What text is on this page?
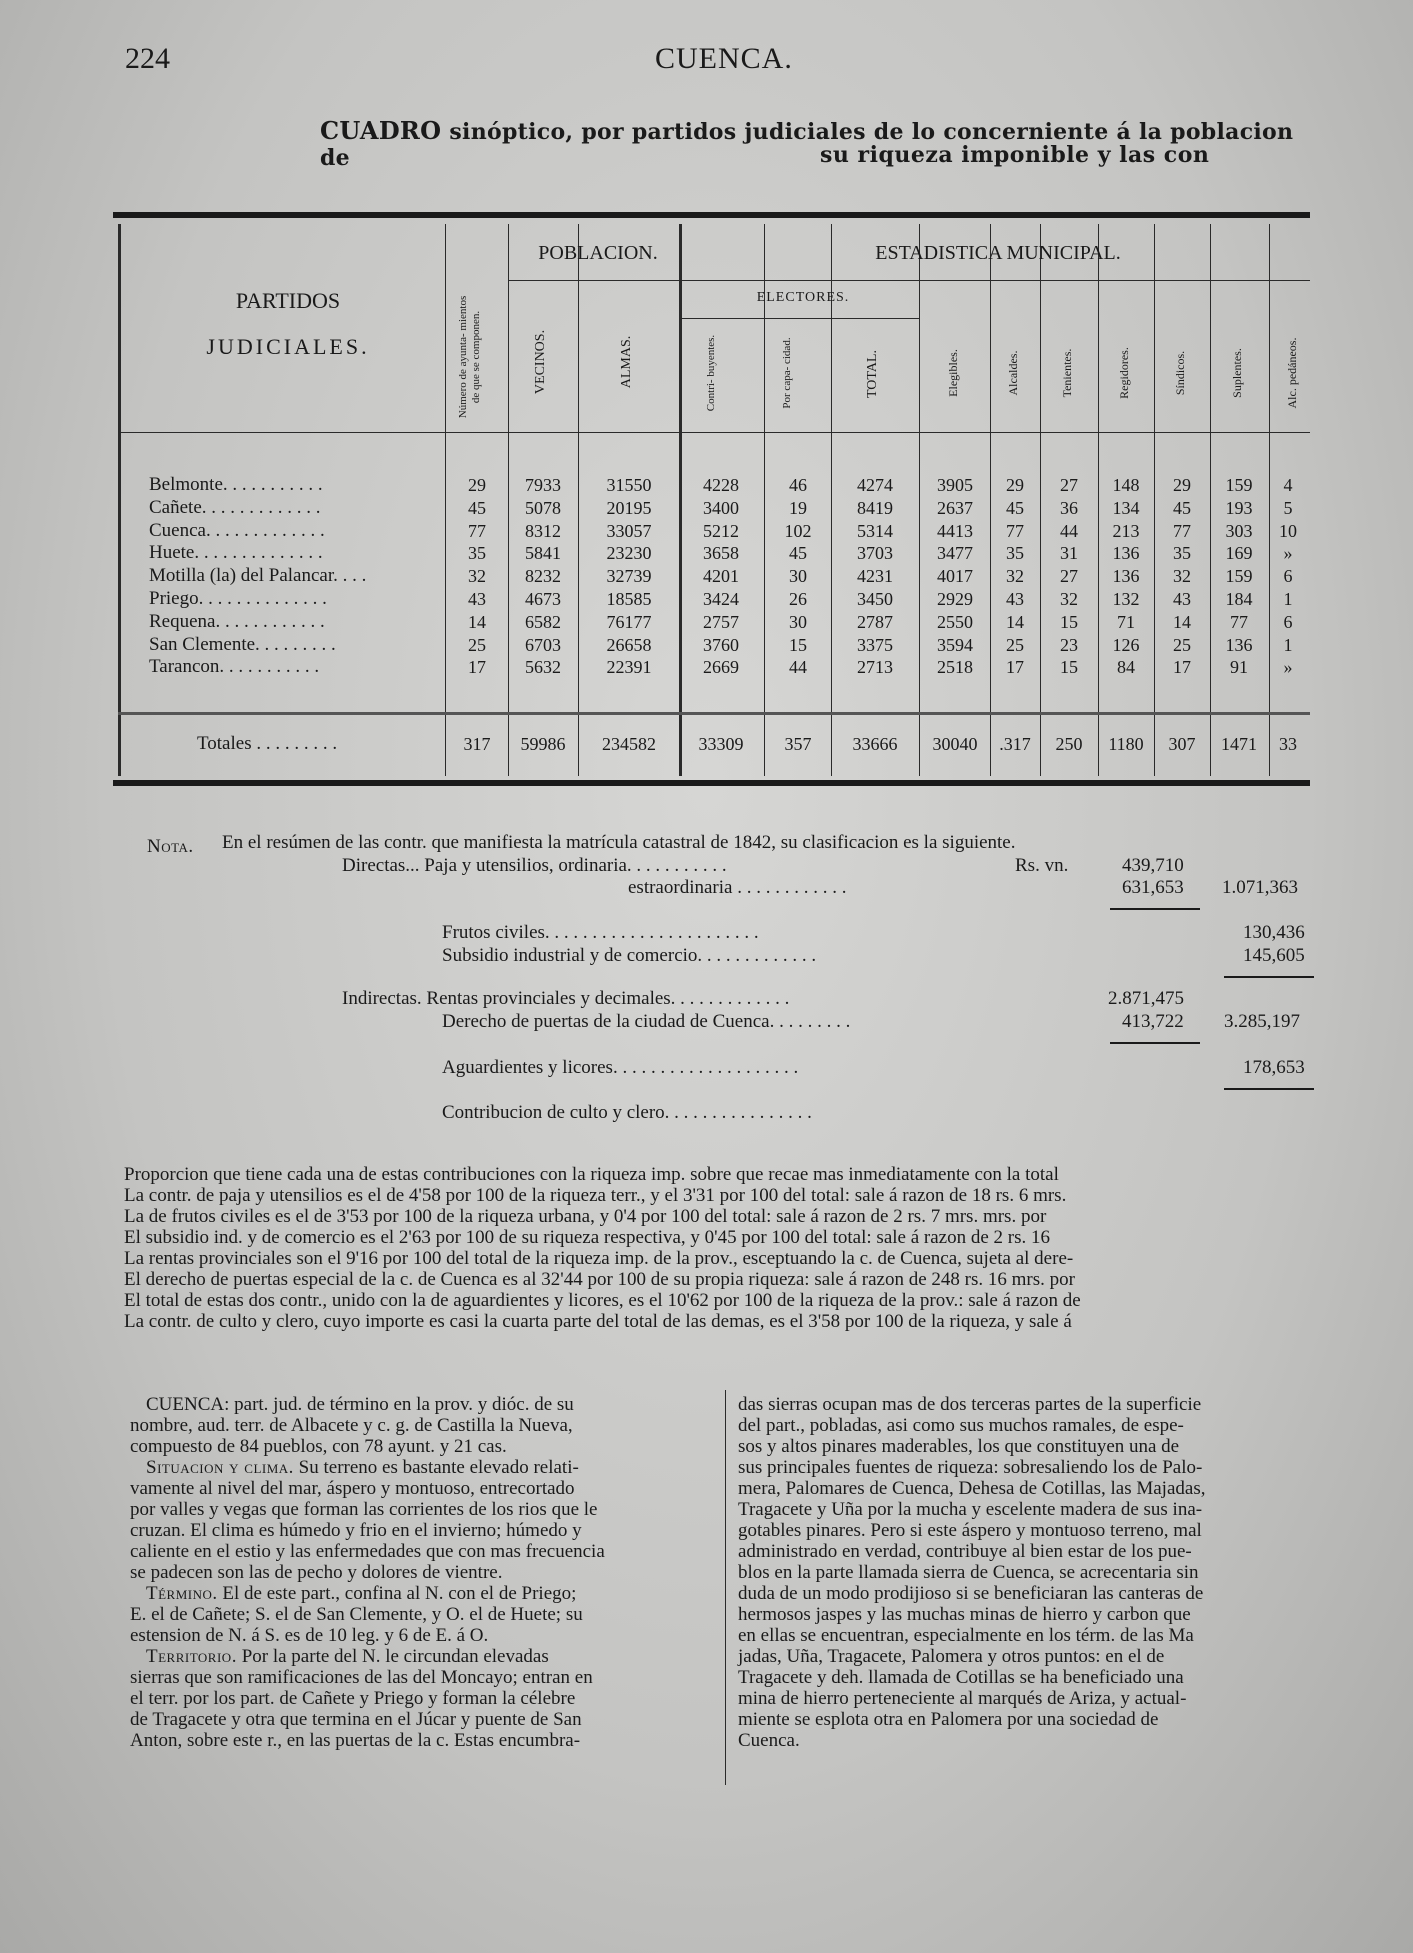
224	CUENCA.
CUADRO sinóptico, por partidos judiciales de lo concerniente á la poblacion de	su riqueza imponible y las con
PARTIDOS
JUDICIALES.	Número de ayunta- mientos de que se componen.
POBLACION.
VECINOS.	ALMAS.
ESTADISTICA MUNICIPAL.
ELECTORES.
Contri- buyentes.	Por capa- cidad.	TOTAL.	Elegibles.	Alcaldes.	Tenientes.	Regidores.	Síndicos.	Suplentes.	Alc. pedáneos.
Belmonte. . . . . . . . . . .	29	7933	31550	4228	46	4274	3905	29	27	148	29	159	4
Cañete. . . . . . . . . . . . .	45	5078	20195	3400	19	8419	2637	45	36	134	45	193	5
Cuenca. . . . . . . . . . . . .	77	8312	33057	5212	102	5314	4413	77	44	213	77	303	10
Huete. . . . . . . . . . . . . .	35	5841	23230	3658	45	3703	3477	35	31	136	35	169	»
Motilla (la) del Palancar. . . .	32	8232	32739	4201	30	4231	4017	32	27	136	32	159	6
Priego. . . . . . . . . . . . . .	43	4673	18585	3424	26	3450	2929	43	32	132	43	184	1
Requena. . . . . . . . . . . .	14	6582	76177	2757	30	2787	2550	14	15	71	14	77	6
San Clemente. . . . . . . . .	25	6703	26658	3760	15	3375	3594	25	23	126	25	136	1
Tarancon. . . . . . . . . . .	17	5632	22391	2669	44	2713	2518	17	15	84	17	91	»
Totales . . . . . . . . .	317	59986	234582	33309	357	33666	30040	.317	250	1180	307	1471	33
Nota. En el resúmen de las contr. que manifiesta la matrícula catastral de 1842, su clasificacion es la siguiente.
Directas... Paja y utensilios, ordinaria. . . . . . . . . . .	Rs. vn.	439,710
estraordinaria . . . . . . . . . . . .	631,653 1.071,363
Frutos civiles. . . . . . . . . . . . . . . . . . . . . . .	130,436
Subsidio industrial y de comercio. . . . . . . . . . . . .	145,605
Indirectas. Rentas provinciales y decimales. . . . . . . . . . . . .	2.871,475
Derecho de puertas de la ciudad de Cuenca. . . . . . . . .	413,722 3.285,197
Aguardientes y licores. . . . . . . . . . . . . . . . . . . .	178,653
Contribucion de culto y clero. . . . . . . . . . . . . . . .
Proporcion que tiene cada una de estas contribuciones con la riqueza imp. sobre que recae mas inmediatamente con la total
La contr. de paja y utensilios es el de 4'58 por 100 de la riqueza terr., y el 3'31 por 100 del total: sale á razon de 18 rs. 6 mrs.
La de frutos civiles es el de 3'53 por 100 de la riqueza urbana, y 0'4 por 100 del total: sale á razon de 2 rs. 7 mrs. mrs. por
El subsidio ind. y de comercio es el 2'63 por 100 de su riqueza respectiva, y 0'45 por 100 del total: sale á razon de 2 rs. 16
La rentas provinciales son el 9'16 por 100 del total de la riqueza imp. de la prov., esceptuando la c. de Cuenca, sujeta al dere-
El derecho de puertas especial de la c. de Cuenca es al 32'44 por 100 de su propia riqueza: sale á razon de 248 rs. 16 mrs. por
El total de estas dos contr., unido con la de aguardientes y licores, es el 10'62 por 100 de la riqueza de la prov.: sale á razon de
La contr. de culto y clero, cuyo importe es casi la cuarta parte del total de las demas, es el 3'58 por 100 de la riqueza, y sale á
CUENCA: part. jud. de término en la prov. y dióc. de su
nombre, aud. terr. de Albacete y c. g. de Castilla la Nueva,
compuesto de 84 pueblos, con 78 ayunt. y 21 cas.
Situacion y clima. Su terreno es bastante elevado relati-
vamente al nivel del mar, áspero y montuoso, entrecortado
por valles y vegas que forman las corrientes de los rios que le
cruzan. El clima es húmedo y frio en el invierno; húmedo y
caliente en el estio y las enfermedades que con mas frecuencia
se padecen son las de pecho y dolores de vientre.
Término. El de este part., confina al N. con el de Priego;
E. el de Cañete; S. el de San Clemente, y O. el de Huete; su
estension de N. á S. es de 10 leg. y 6 de E. á O.
Territorio. Por la parte del N. le circundan elevadas
sierras que son ramificaciones de las del Moncayo; entran en
el terr. por los part. de Cañete y Priego y forman la célebre
de Tragacete y otra que termina en el Júcar y puente de San
Anton, sobre este r., en las puertas de la c. Estas encumbra-
das sierras ocupan mas de dos terceras partes de la superficie
del part., pobladas, asi como sus muchos ramales, de espe-
sos y altos pinares maderables, los que constituyen una de
sus principales fuentes de riqueza: sobresaliendo los de Palo-
mera, Palomares de Cuenca, Dehesa de Cotillas, las Majadas,
Tragacete y Uña por la mucha y escelente madera de sus ina-
gotables pinares. Pero si este áspero y montuoso terreno, mal
administrado en verdad, contribuye al bien estar de los pue-
blos en la parte llamada sierra de Cuenca, se acrecentaria sin
duda de un modo prodijioso si se beneficiaran las canteras de
hermosos jaspes y las muchas minas de hierro y carbon que
en ellas se encuentran, especialmente en los térm. de las Ma
jadas, Uña, Tragacete, Palomera y otros puntos: en el de
Tragacete y deh. llamada de Cotillas se ha beneficiado una
mina de hierro perteneciente al marqués de Ariza, y actual-
miente se esplota otra en Palomera por una sociedad de
Cuenca.
